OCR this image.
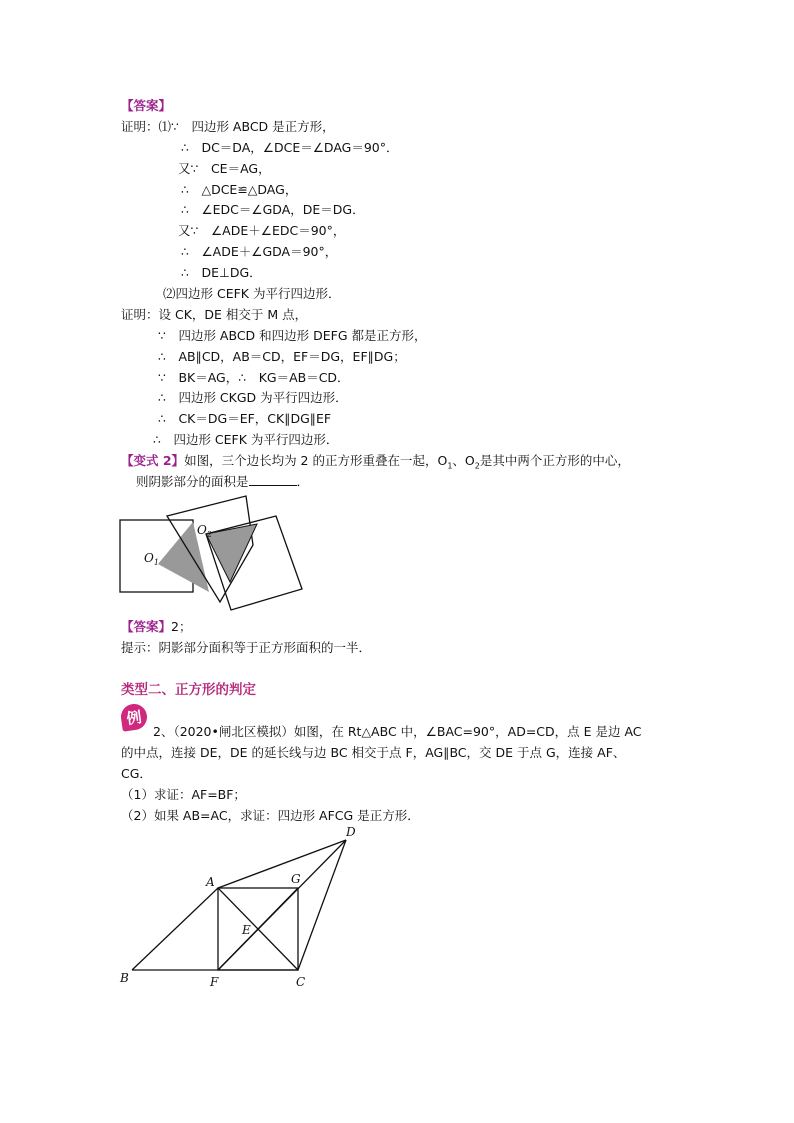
【答案】
证明：⑴∵　四边形 ABCD 是正方形，
∴　DC＝DA，∠DCE＝∠DAG＝90°．
又∵　CE＝AG，
∴　△DCE≌△DAG，
∴　∠EDC＝∠GDA，DE＝DG．
又∵　∠ADE＋∠EDC＝90°，
∴　∠ADE＋∠GDA＝90°，
∴　DE⊥DG．
⑵四边形 CEFK 为平行四边形．
证明：设 CK，DE 相交于 M 点，
∵　四边形 ABCD 和四边形 DEFG 都是正方形，
∴　AB∥CD，AB＝CD，EF＝DG，EF∥DG；
∵　BK＝AG，∴　KG＝AB＝CD．
∴　四边形 CKGD 为平行四边形．
∴　CK＝DG＝EF，CK∥DG∥EF
∴　四边形 CEFK 为平行四边形．
【变式 2】如图，三个边长均为 2 的正方形重叠在一起，$O_1$、$O_2$是其中两个正方形的中心，
则阴影部分的面积是	．
$O_1$
$O_2$
【答案】2；
提示：阴影部分面积等于正方形面积的一半．
类型二、正方形的判定
例
2、（2020•闸北区模拟）如图，在 Rt△ABC 中，∠BAC=90°，AD=CD，点 E 是边 AC
的中点，连接 DE，DE 的延长线与边 BC 相交于点 F，AG∥BC，交 DE 于点 G，连接 AF、
CG．
（1）求证：AF=BF；
（2）如果 AB=AC，求证：四边形 AFCG 是正方形．
A
B	C
D
E
F
G
